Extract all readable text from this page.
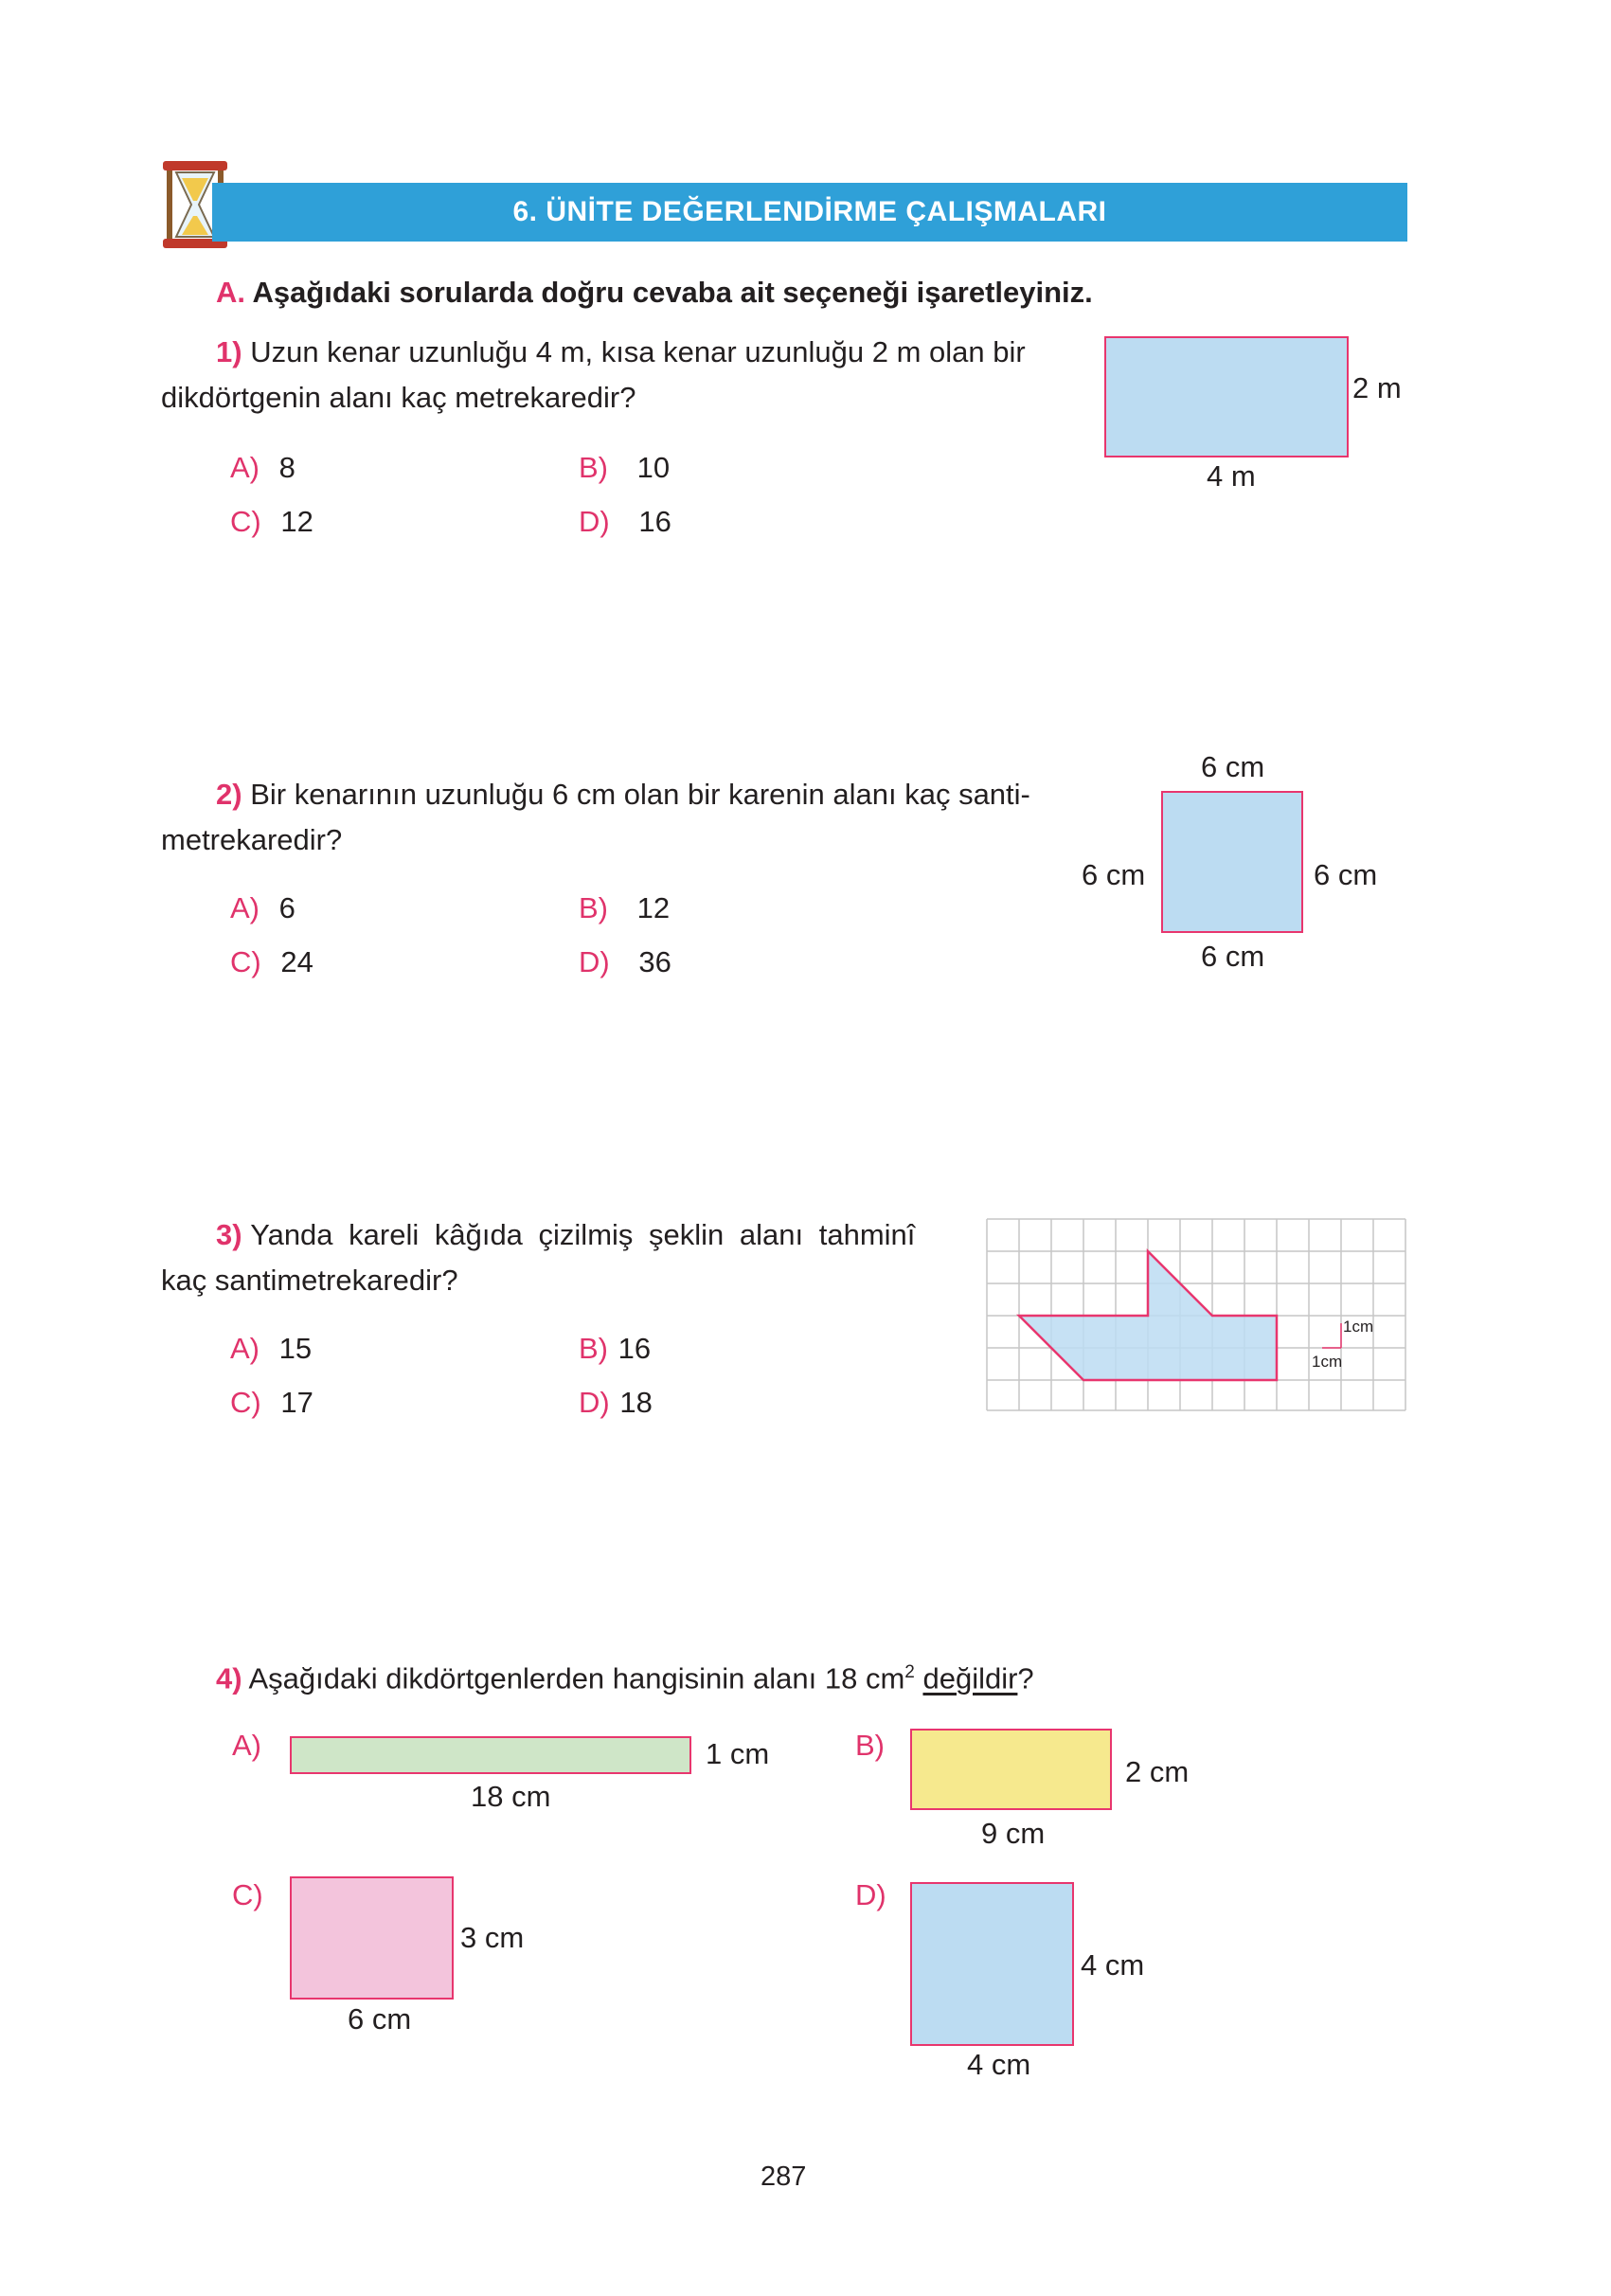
6. ÜNİTE DEĞERLENDİRME ÇALIŞMALARI
A. Aşağıdaki sorularda doğru cevaba ait seçeneği işaretleyiniz.
1) Uzun kenar uzunluğu 4 m, kısa kenar uzunluğu 2 m olan bir
dikdörtgenin alanı kaç metrekaredir?
A) 8	B) 10
C) 12	D) 16
2 m
4 m
2) Bir kenarının uzunluğu 6 cm olan bir karenin alanı kaç santi-
metrekaredir?
A) 6	B) 12
C) 24	D) 36
6 cm
6 cm	6 cm
6 cm
3) Yanda kareli kâğıda çizilmiş şeklin alanı tahminî
kaç santimetrekaredir?
A) 15	B) 16
C) 17	D) 18
1cm
1cm
4) Aşağıdaki dikdörtgenlerden hangisinin alanı 18 $cm^2$ değildir?
A)	1 cm
18 cm
B)
2 cm
9 cm
C)
3 cm
6 cm
D)
4 cm
4 cm
287
